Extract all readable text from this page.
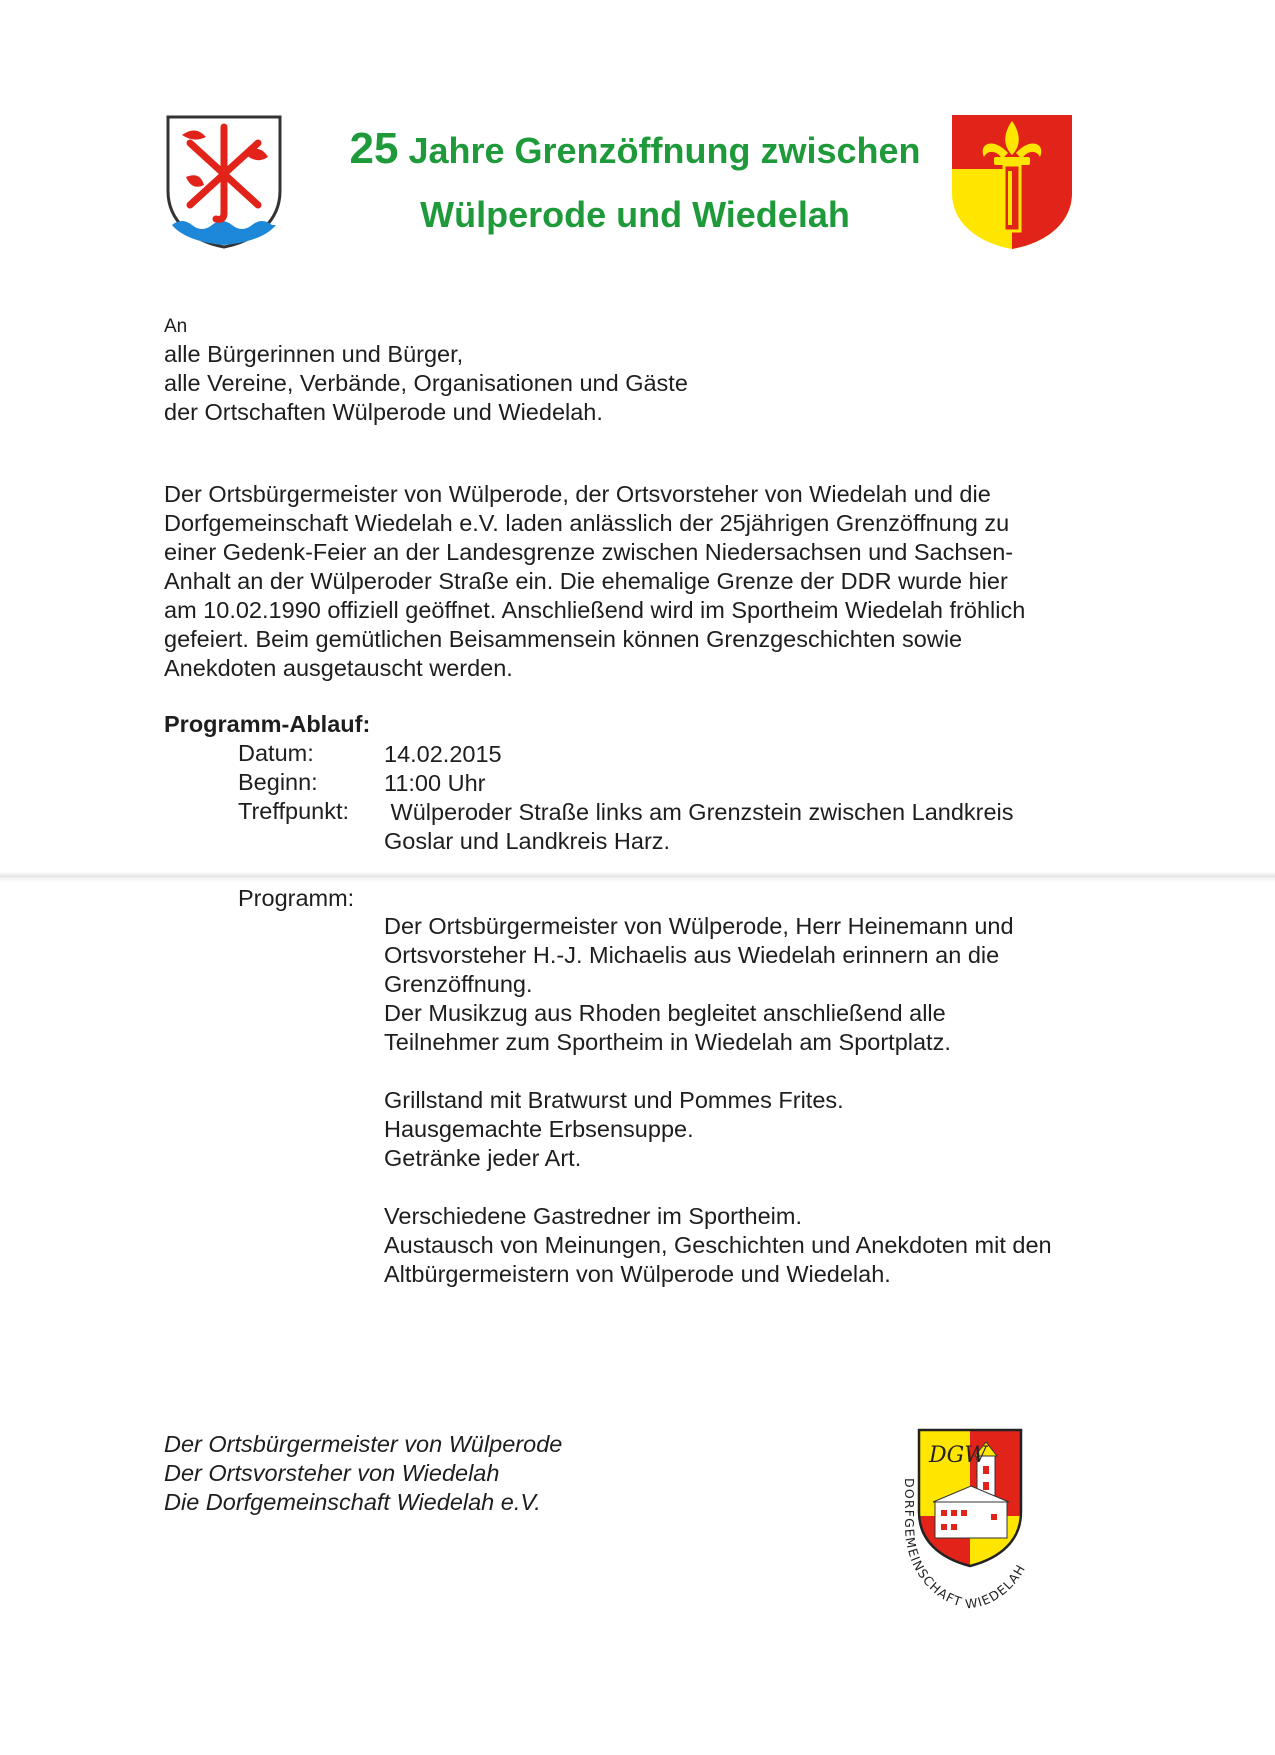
25 Jahre Grenzöffnung zwischen
Wülperode und Wiedelah

An

alle Bürgerinnen und Bürger,

alle Vereine, Verbände, Organisationen und Gäste

der Ortschaften Wülperode und Wiedelah.

Der Ortsbürgermeister von Wülperode, der Ortsvorsteher von Wiedelah und die

Dorfgemeinschaft Wiedelah e.V. laden anlässlich der 25jährigen Grenzöffnung zu

einer Gedenk-Feier an der Landesgrenze zwischen Niedersachsen und Sachsen-

Anhalt an der Wülperoder Straße ein. Die ehemalige Grenze der DDR wurde hier

am 10.02.1990 offiziell geöffnet. Anschließend wird im Sportheim Wiedelah fröhlich

gefeiert. Beim gemütlichen Beisammensein können Grenzgeschichten sowie

Anekdoten ausgetauscht werden.

Programm-Ablauf:
Datum:	14.02.2015
Beginn:	11:00 Uhr
Treffpunkt: Wülperoder Straße links am Grenzstein zwischen Landkreis

Goslar und Landkreis Harz.

Programm:

Der Ortsbürgermeister von Wülperode, Herr Heinemann und

Ortsvorsteher H.-J. Michaelis aus Wiedelah erinnern an die

Grenzöffnung.

Der Musikzug aus Rhoden begleitet anschließend alle

Teilnehmer zum Sportheim in Wiedelah am Sportplatz.

Grillstand mit Bratwurst und Pommes Frites.

Hausgemachte Erbsensuppe.

Getränke jeder Art.

Verschiedene Gastredner im Sportheim.

Austausch von Meinungen, Geschichten und Anekdoten mit den

Altbürgermeistern von Wülperode und Wiedelah.

Der Ortsbürgermeister von Wülperode

Der Ortsvorsteher von Wiedelah

Die Dorfgemeinschaft Wiedelah e.V.

DGW
DORFGEMEINSCHAFT WIEDELAH
